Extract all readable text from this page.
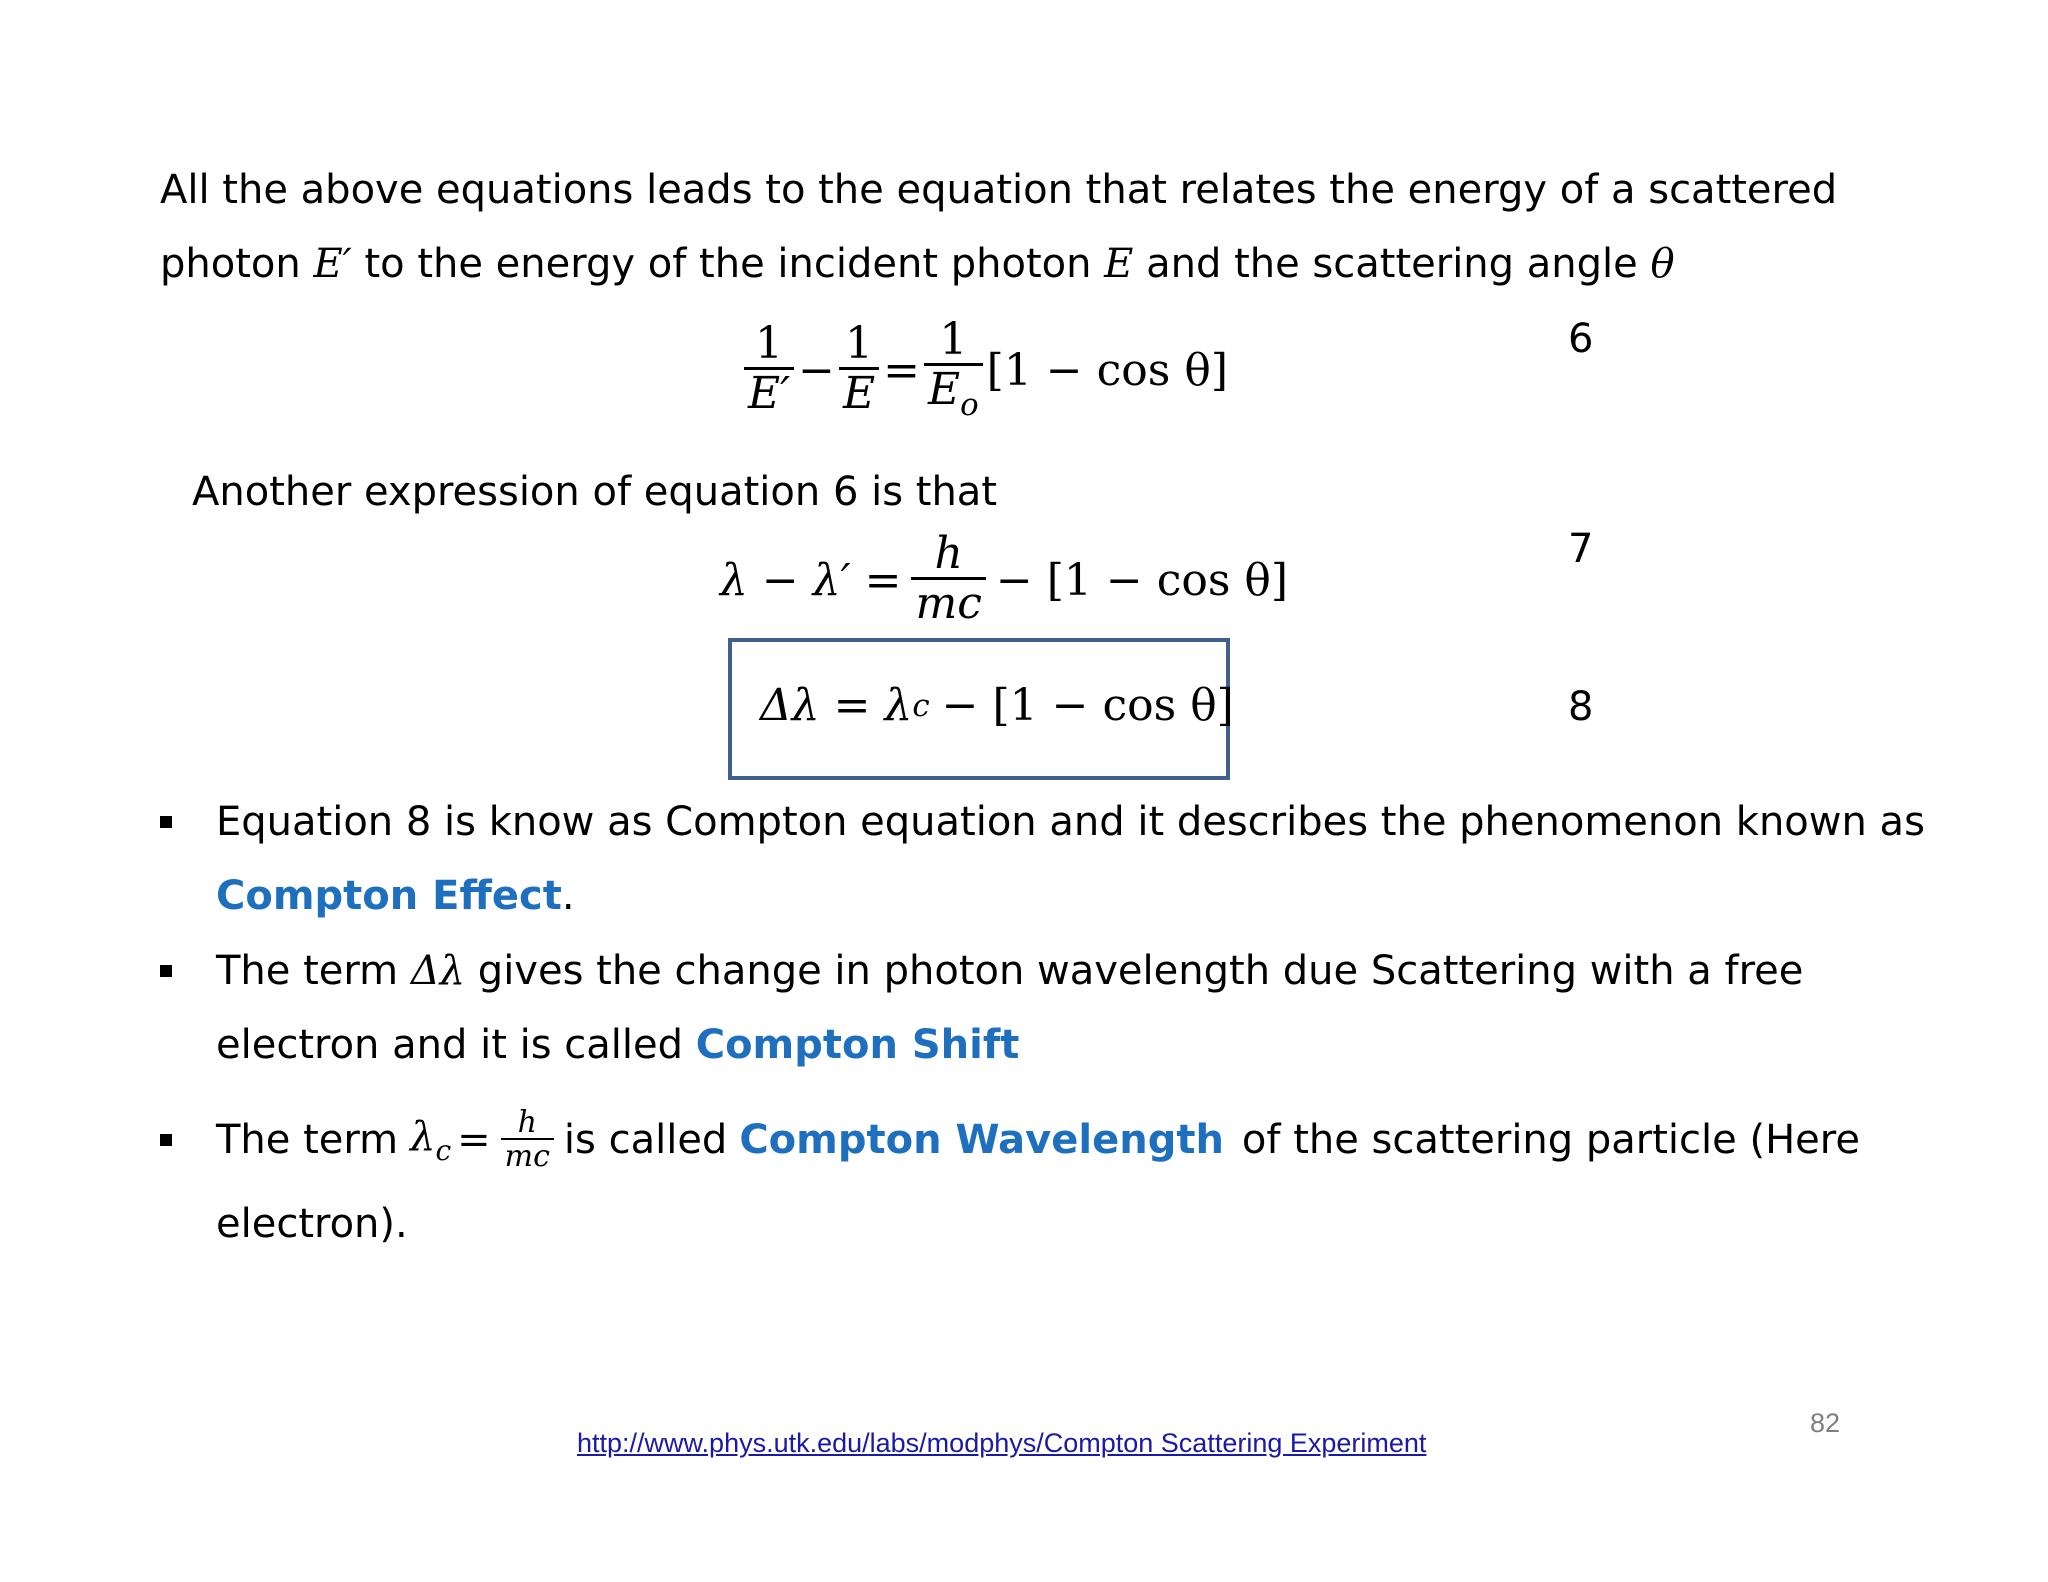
All the above equations leads to the equation that relates the energy of a scattered
photon E′ to the energy of the incident photon E and the scattering angle θ
$\frac{1}{E'} - \frac{1}{E} = \frac{1}{E_o} [1 - \cos \theta]$
6
Another expression of equation 6 is that
$\lambda - \lambda' = \frac{h}{mc} - [1 - \cos \theta]$
7
Δλ = λ c − [1 − cos θ]	8
Equation 8 is know as Compton equation and it describes the phenomenon known as
Compton Effect.
The term Δλ gives the change in photon wavelength due Scattering with a free
electron and it is called Compton Shift
The term $\lambda_c = \frac{h}{mc}$ is called Compton Wavelength of the scattering particle (Here
electron).
http://www.phys.utk.edu/labs/modphys/Compton Scattering Experiment
82
